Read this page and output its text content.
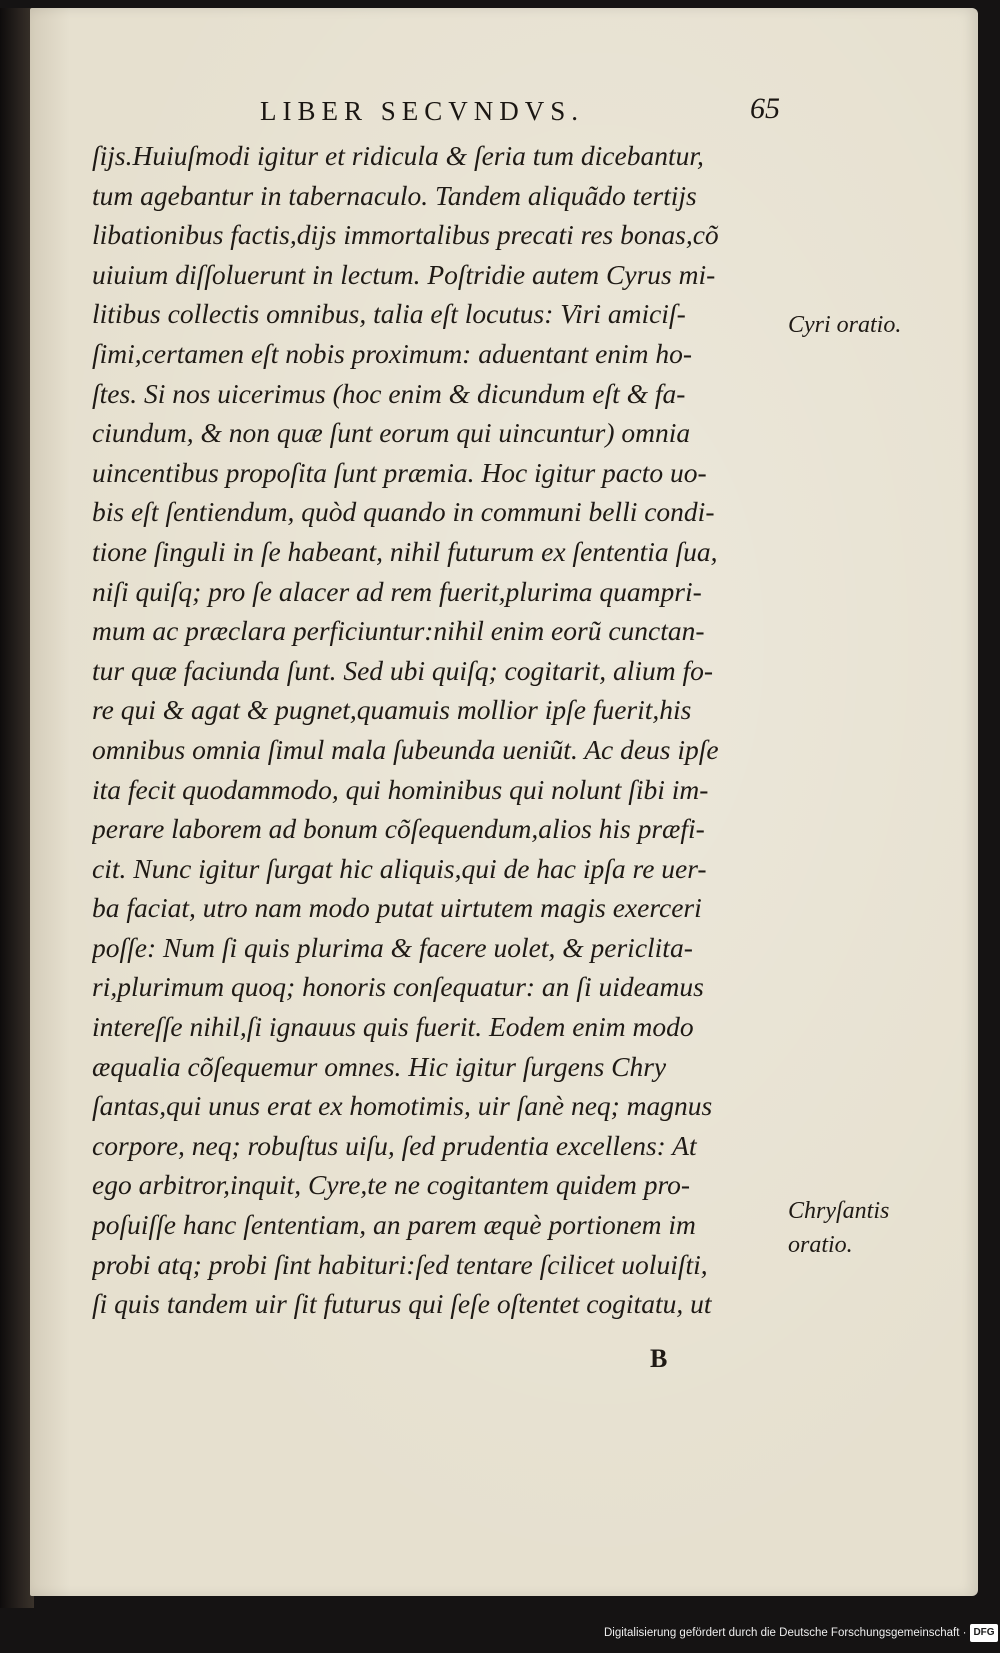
LIBER SECVNDVS.	65
ſijs.Huiuſmodi igitur et ridicula & ſeria tum dicebantur,
tum agebantur in tabernaculo. Tandem aliquãdo tertijs
libationibus factis,dijs immortalibus precati res bonas,cõ
uiuium diſſoluerunt in lectum. Poſtridie autem Cyrus mi-
litibus collectis omnibus, talia eſt locutus: Viri amiciſ-
ſimi,certamen eſt nobis proximum: aduentant enim ho-
ſtes. Si nos uicerimus (hoc enim & dicundum eſt & fa-
ciundum, & non quæ ſunt eorum qui uincuntur) omnia
uincentibus propoſita ſunt præmia. Hoc igitur pacto uo-
bis eſt ſentiendum, quòd quando in communi belli condi-
tione ſinguli in ſe habeant, nihil futurum ex ſententia ſua,
niſi quiſq; pro ſe alacer ad rem fuerit,plurima quampri-
mum ac præclara perficiuntur:nihil enim eorũ cunctan-
tur quæ faciunda ſunt. Sed ubi quiſq; cogitarit, alium fo-
re qui & agat & pugnet,quamuis mollior ipſe fuerit,his
omnibus omnia ſimul mala ſubeunda ueniũt. Ac deus ipſe
ita fecit quodammodo, qui hominibus qui nolunt ſibi im-
perare laborem ad bonum cõſequendum,alios his præfi-
cit. Nunc igitur ſurgat hic aliquis,qui de hac ipſa re uer-
ba faciat, utro nam modo putat uirtutem magis exerceri
poſſe: Num ſi quis plurima & facere uolet, & periclita-
ri,plurimum quoq; honoris conſequatur: an ſi uideamus
intereſſe nihil,ſi ignauus quis fuerit. Eodem enim modo
æqualia cõſequemur omnes. Hic igitur ſurgens Chry
ſantas,qui unus erat ex homotimis, uir ſanè neq; magnus
corpore, neq; robuſtus uiſu, ſed prudentia excellens: At
ego arbitror,inquit, Cyre,te ne cogitantem quidem pro-
poſuiſſe hanc ſententiam, an parem æquè portionem im
probi atq; probi ſint habituri:ſed tentare ſcilicet uoluiſti,
ſi quis tandem uir ſit futurus qui ſeſe oſtentet cogitatu, ut
B
Cyri oratio.
Chryſantis
oratio.
Digitalisierung gefördert durch die Deutsche Forschungsgemeinschaft · DFG
